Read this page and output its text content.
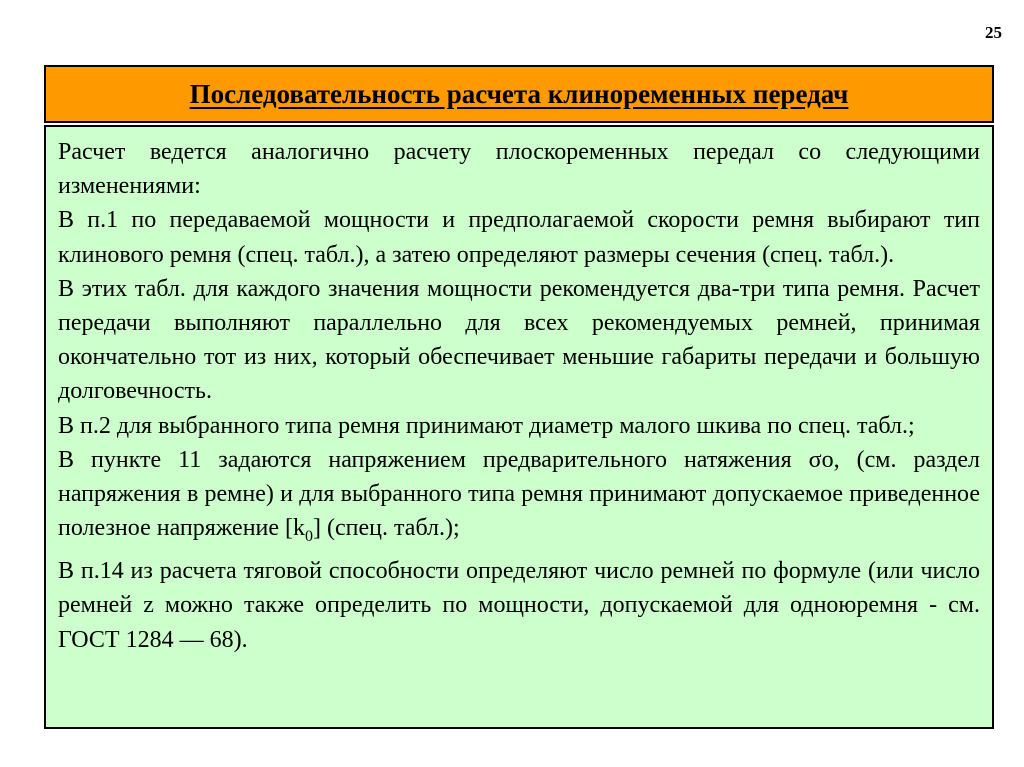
25
Последовательность расчета клиноременных передач

Расчет ведется аналогично расчету плоскоременных передал со следующими изменениями:

В п.1 по передаваемой мощности и предполагаемой скорости ремня выбирают тип клинового ремня (спец. табл.), а затею определяют размеры сечения (спец. табл.).

В этих табл. для каждого значения мощности рекомендуется два-три типа ремня. Расчет передачи выполняют параллельно для всех рекомендуемых ремней, принимая окончательно тот из них, который обеспечивает меньшие габариты передачи и большую долговечность.

В п.2 для выбранного типа ремня принимают диаметр малого шкива по спец. табл.;

В пункте 11 задаются напряжением предварительного натяжения σо, (см. раздел напряжения в ремне) и для выбранного типа ремня принимают допускаемое приведенное полезное напряжение $[k_0]$ (спец. табл.);

В п.14 из расчета тяговой способности определяют число ремней по формуле (или число ремней z можно также определить по мощности, допускаемой для одноюремня - см. ГОСТ 1284 — 68).
